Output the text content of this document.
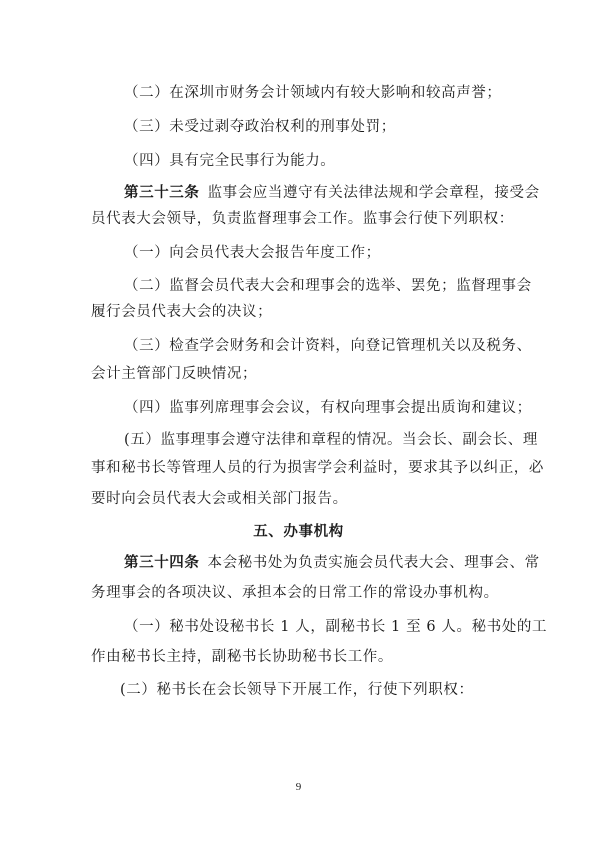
（二）在深圳市财务会计领域内有较大影响和较高声誉；
（三）未受过剥夺政治权利的刑事处罚；
（四）具有完全民事行为能力。
第三十三条 监事会应当遵守有关法律法规和学会章程，接受会
员代表大会领导，负责监督理事会工作。监事会行使下列职权：
（一）向会员代表大会报告年度工作；
（二）监督会员代表大会和理事会的选举、罢免；监督理事会
履行会员代表大会的决议；
（三）检查学会财务和会计资料，向登记管理机关以及税务、
会计主管部门反映情况；
（四）监事列席理事会会议，有权向理事会提出质询和建议；
(五）监事理事会遵守法律和章程的情况。当会长、副会长、理
事和秘书长等管理人员的行为损害学会利益时，要求其予以纠正，必
要时向会员代表大会或相关部门报告。
五、办事机构
第三十四条 本会秘书处为负责实施会员代表大会、理事会、常
务理事会的各项决议、承担本会的日常工作的常设办事机构。
（一）秘书处设秘书长 1 人，副秘书长 1 至 6 人。秘书处的工
作由秘书长主持，副秘书长协助秘书长工作。
(二）秘书长在会长领导下开展工作，行使下列职权：
9
